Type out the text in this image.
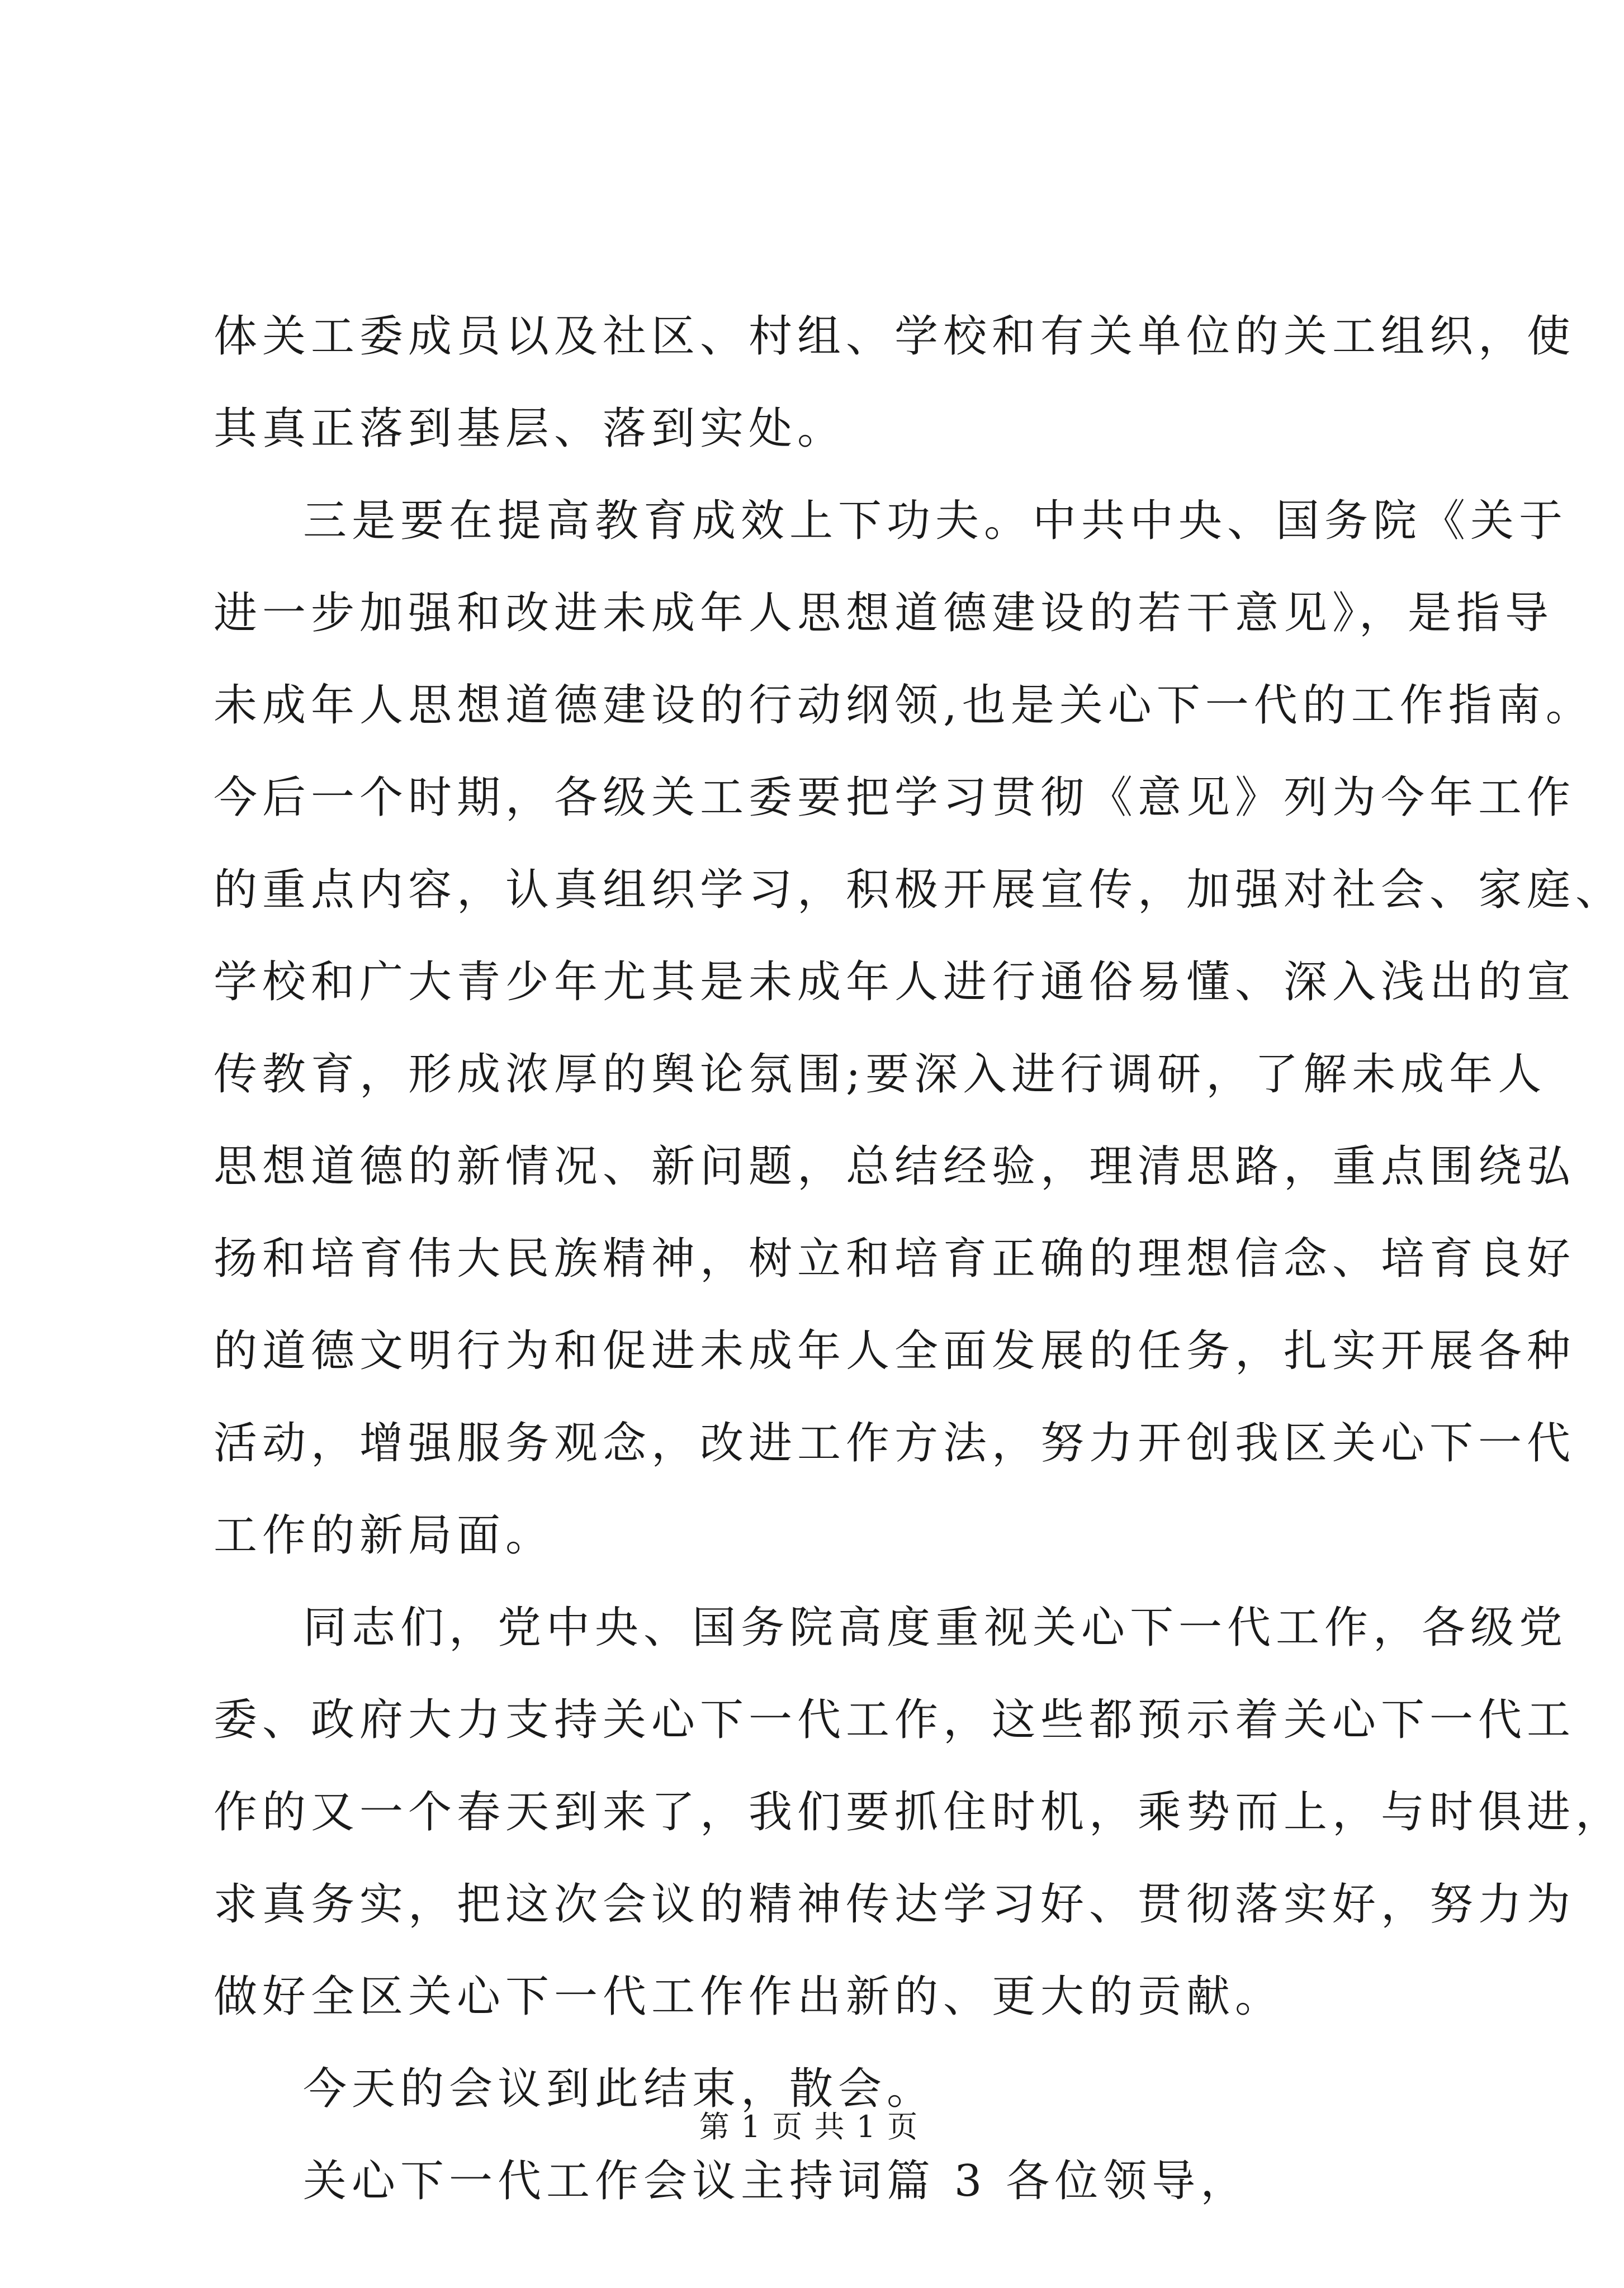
体关工委成员以及社区、村组、学校和有关单位的关工组织，使
其真正落到基层、落到实处。
三是要在提高教育成效上下功夫。中共中央、国务院《关于
进一步加强和改进未成年人思想道德建设的若干意见》，是指导
未成年人思想道德建设的行动纲领,也是关心下一代的工作指南。
今后一个时期，各级关工委要把学习贯彻《意见》列为今年工作
的重点内容，认真组织学习，积极开展宣传，加强对社会、家庭、
学校和广大青少年尤其是未成年人进行通俗易懂、深入浅出的宣
传教育，形成浓厚的舆论氛围;要深入进行调研，了解未成年人
思想道德的新情况、新问题，总结经验，理清思路，重点围绕弘
扬和培育伟大民族精神，树立和培育正确的理想信念、培育良好
的道德文明行为和促进未成年人全面发展的任务，扎实开展各种
活动，增强服务观念，改进工作方法，努力开创我区关心下一代
工作的新局面。
同志们，党中央、国务院高度重视关心下一代工作，各级党
委、政府大力支持关心下一代工作，这些都预示着关心下一代工
作的又一个春天到来了，我们要抓住时机，乘势而上，与时俱进，
求真务实，把这次会议的精神传达学习好、贯彻落实好，努力为
做好全区关心下一代工作作出新的、更大的贡献。
今天的会议到此结束，散会。
关心下一代工作会议主持词篇 3 各位领导，
第 1 页 共 1 页
